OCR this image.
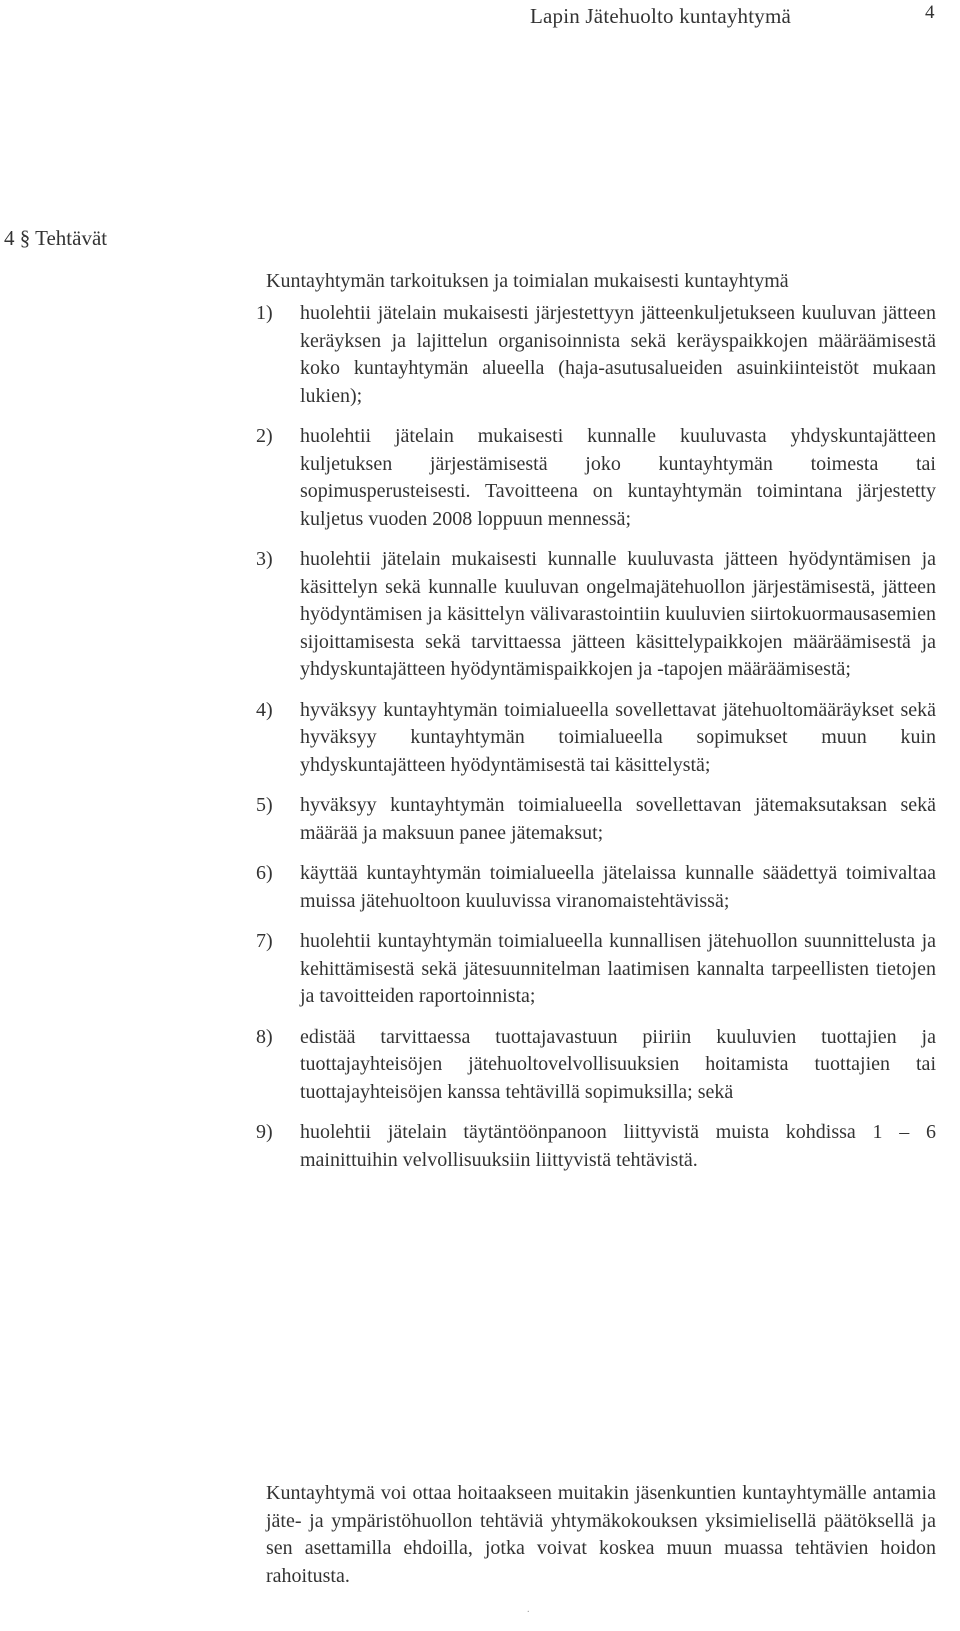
Lapin Jätehuolto kuntayhtymä	4
4 § Tehtävät
Kuntayhtymän tarkoituksen ja toimialan mukaisesti kuntayhtymä
1)	huolehtii jätelain mukaisesti järjestettyyn jätteenkuljetukseen kuuluvan jätteen keräyksen ja lajittelun organisoinnista sekä keräyspaikkojen määräämisestä koko kuntayhtymän alueella (haja-asutusalueiden asuinkiinteistöt mukaan lukien);
2)	huolehtii jätelain mukaisesti kunnalle kuuluvasta yhdyskuntajätteen kuljetuksen järjestämisestä joko kuntayhtymän toimesta tai sopimusperusteisesti. Tavoitteena on kuntayhtymän toimintana järjestetty kuljetus vuoden 2008 loppuun mennessä;
3)	huolehtii jätelain mukaisesti kunnalle kuuluvasta jätteen hyödyntämisen ja käsittelyn sekä kunnalle kuuluvan ongelmajätehuollon järjestämisestä, jätteen hyödyntämisen ja käsittelyn välivarastointiin kuuluvien siirtokuormausasemien sijoittamisesta sekä tarvittaessa jätteen käsittelypaikkojen määräämisestä ja yhdyskuntajätteen hyödyntämispaikkojen ja -tapojen määräämisestä;
4)	hyväksyy kuntayhtymän toimialueella sovellettavat jätehuoltomääräykset sekä hyväksyy kuntayhtymän toimialueella sopimukset muun kuin yhdyskuntajätteen hyödyntämisestä tai käsittelystä;
5)	hyväksyy kuntayhtymän toimialueella sovellettavan jätemaksutaksan sekä määrää ja maksuun panee jätemaksut;
6)	käyttää kuntayhtymän toimialueella jätelaissa kunnalle säädettyä toimivaltaa muissa jätehuoltoon kuuluvissa viranomaistehtävissä;
7)	huolehtii kuntayhtymän toimialueella kunnallisen jätehuollon suunnittelusta ja kehittämisestä sekä jätesuunnitelman laatimisen kannalta tarpeellisten tietojen ja tavoitteiden raportoinnista;
8)	edistää tarvittaessa tuottajavastuun piiriin kuuluvien tuottajien ja tuottajayhteisöjen jätehuoltovelvollisuuksien hoitamista tuottajien tai tuottajayhteisöjen kanssa tehtävillä sopimuksilla; sekä
9)	huolehtii jätelain täytäntöönpanoon liittyvistä muista kohdissa 1 – 6 mainittuihin velvollisuuksiin liittyvistä tehtävistä.
Kuntayhtymä voi ottaa hoitaakseen muitakin jäsenkuntien kuntayhtymälle antamia jäte- ja ympäristöhuollon tehtäviä yhtymäkokouksen yksimielisellä päätöksellä ja sen asettamilla ehdoilla, jotka voivat koskea muun muassa tehtävien hoidon rahoitusta.
.
